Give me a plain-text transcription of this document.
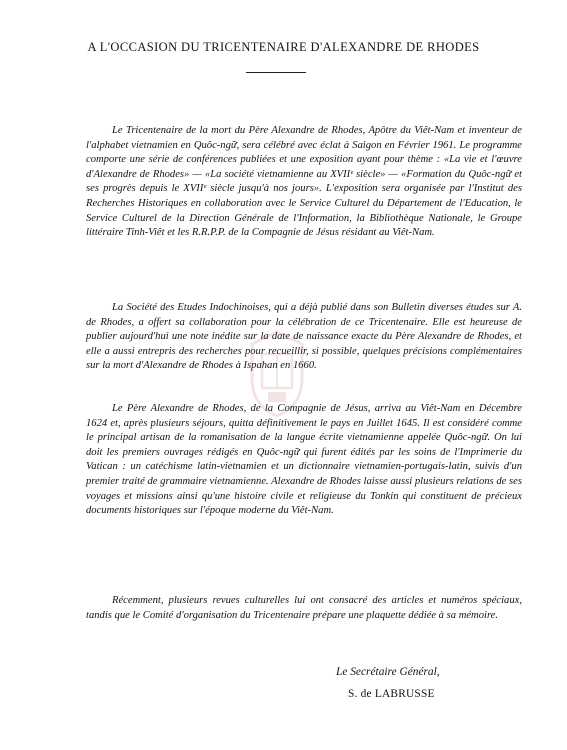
A L'OCCASION DU TRICENTENAIRE D'ALEXANDRE DE RHODES

Le Tricentenaire de la mort du Père Alexandre de Rhodes, Apôtre du Viêt-Nam et inventeur de l'alphabet vietnamien en Quôc-ngữ, sera célébré avec éclat à Saigon en Février 1961. Le programme comporte une série de conférences publiées et une exposition ayant pour thème : «La vie et l'œuvre d'Alexandre de Rhodes» — «La société vietnamienne au XVIIᵉ siècle» — «Formation du Quôc-ngữ et ses progrès depuis le XVIIᵉ siècle jusqu'à nos jours». L'exposition sera organisée par l'Institut des Recherches Historiques en collaboration avec le Service Culturel du Département de l'Education, le Service Culturel de la Direction Générale de l'Information, la Bibliothèque Nationale, le Groupe littéraire Tinh-Viêt et les R.R.P.P. de la Compagnie de Jésus résidant au Viêt-Nam.

La Société des Etudes Indochinoises, qui a déjà publié dans son Bulletin diverses études sur A. de Rhodes, a offert sa collaboration pour la célébration de ce Tricentenaire. Elle est heureuse de publier aujourd'hui une note inédite sur la date de naissance exacte du Père Alexandre de Rhodes, et elle a aussi entrepris des recherches pour recueillir, si possible, quelques précisions complémentaires sur la mort d'Alexandre de Rhodes à Ispahan en 1660.

Le Père Alexandre de Rhodes, de la Compagnie de Jésus, arriva au Viêt-Nam en Décembre 1624 et, après plusieurs séjours, quitta définitivement le pays en Juillet 1645. Il est considéré comme le principal artisan de la romanisation de la langue écrite vietnamienne appelée Quôc-ngữ. On lui doit les premiers ouvrages rédigés en Quôc-ngữ qui furent édités par les soins de l'Imprimerie du Vatican : un catéchisme latin-vietnamien et un dictionnaire vietnamien-portugais-latin, suivis d'un premier traité de grammaire vietnamienne. Alexandre de Rhodes laisse aussi plusieurs relations de ses voyages et missions ainsi qu'une histoire civile et religieuse du Tonkin qui constituent de précieux documents historiques sur l'époque moderne du Viêt-Nam.

Récemment, plusieurs revues culturelles lui ont consacré des articles et numéros spéciaux, tandis que le Comité d'organisation du Tricentenaire prépare une plaquette dédiée à sa mémoire.

Le Secrétaire Général,
S. de LABRUSSE
